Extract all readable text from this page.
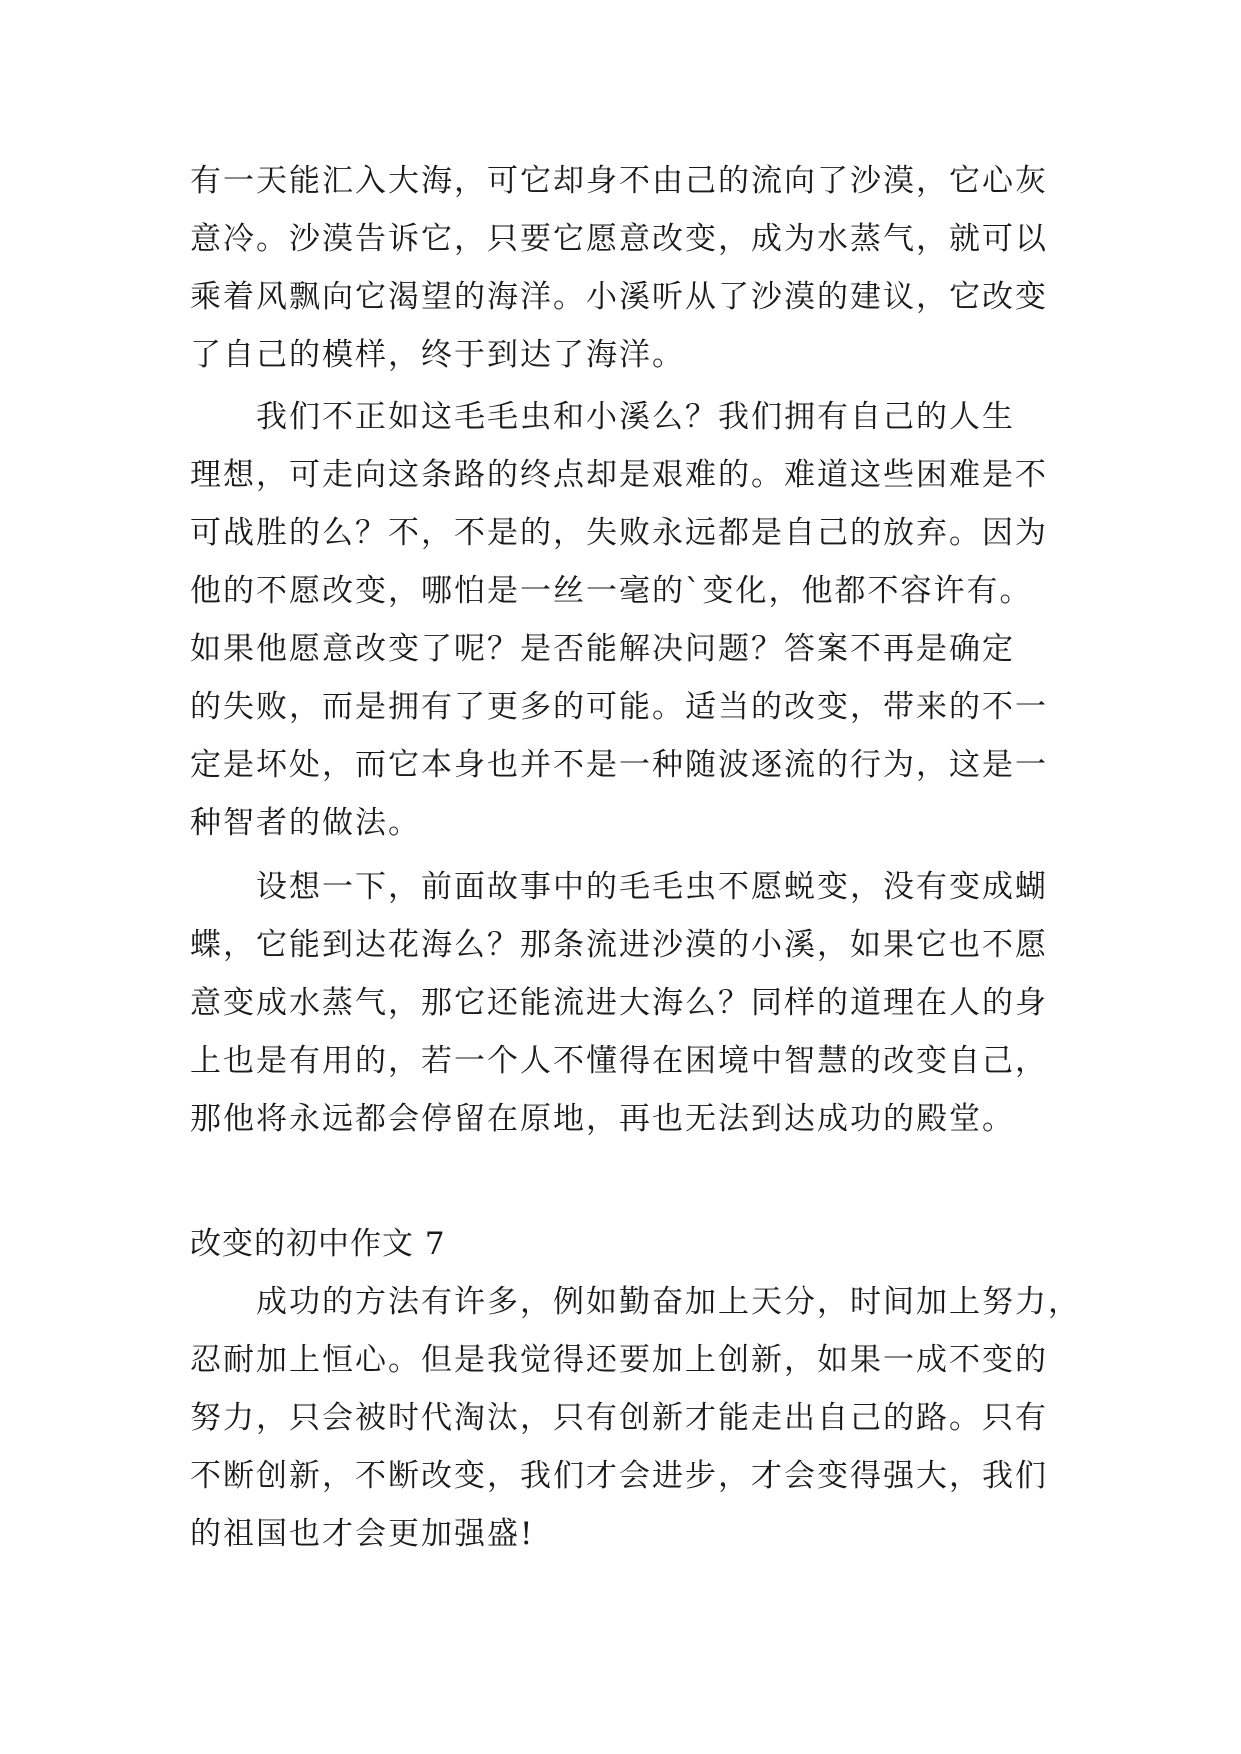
有一天能汇入大海，可它却身不由己的流向了沙漠，它心灰
意冷。沙漠告诉它，只要它愿意改变，成为水蒸气，就可以
乘着风飘向它渴望的海洋。小溪听从了沙漠的建议，它改变
了自己的模样，终于到达了海洋。
我们不正如这毛毛虫和小溪么？我们拥有自己的人生
理想，可走向这条路的终点却是艰难的。难道这些困难是不
可战胜的么？不，不是的，失败永远都是自己的放弃。因为
他的不愿改变，哪怕是一丝一毫的`变化，他都不容许有。
如果他愿意改变了呢？是否能解决问题？答案不再是确定
的失败，而是拥有了更多的可能。适当的改变，带来的不一
定是坏处，而它本身也并不是一种随波逐流的行为，这是一
种智者的做法。
设想一下，前面故事中的毛毛虫不愿蜕变，没有变成蝴
蝶，它能到达花海么？那条流进沙漠的小溪，如果它也不愿
意变成水蒸气，那它还能流进大海么？同样的道理在人的身
上也是有用的，若一个人不懂得在困境中智慧的改变自己，
那他将永远都会停留在原地，再也无法到达成功的殿堂。
改变的初中作文 7
成功的方法有许多，例如勤奋加上天分，时间加上努力，
忍耐加上恒心。但是我觉得还要加上创新，如果一成不变的
努力，只会被时代淘汰，只有创新才能走出自己的路。只有
不断创新，不断改变，我们才会进步，才会变得强大，我们
的祖国也才会更加强盛!
